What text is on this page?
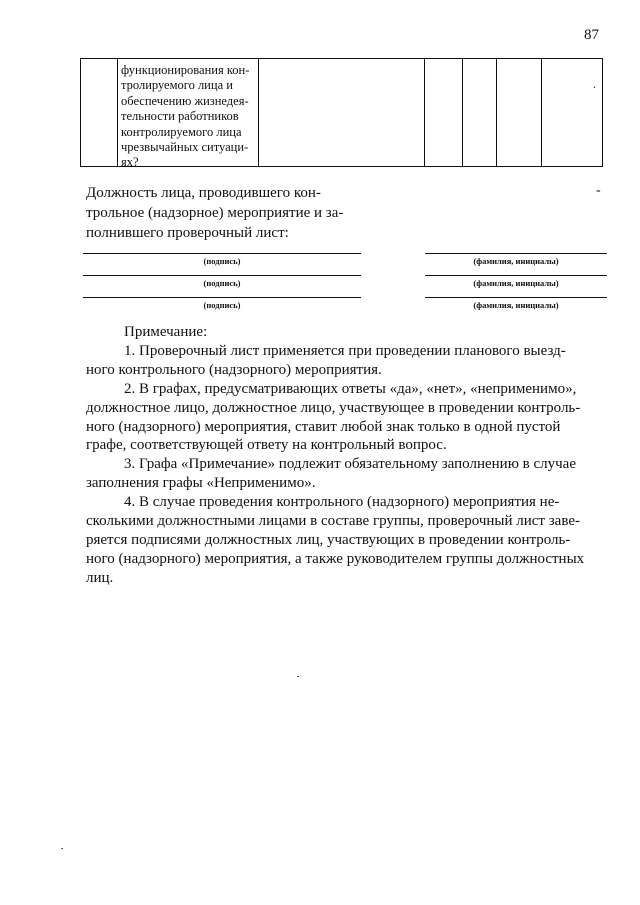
87
функционирования кон-
тролируемого лица и
обеспечению жизнедея-
тельности работников
контролируемого лица
чрезвычайных ситуаци-
ях?
.
Должность лица, проводившего кон-
трольное (надзорное) мероприятие и за-
полнившего проверочный лист:
-
(подпись)	(фамилия, инициалы)
(подпись)	(фамилия, инициалы)
(подпись)	(фамилия, инициалы)
Примечание:

1. Проверочный лист применяется при проведении планового выезд-
ного контрольного (надзорного) мероприятия.

2. В графах, предусматривающих ответы «да», «нет», «неприменимо»,
должностное лицо, должностное лицо, участвующее в проведении контроль-
ного (надзорного) мероприятия, ставит любой знак только в одной пустой
графе, соответствующей ответу на контрольный вопрос.

3. Графа «Примечание» подлежит обязательному заполнению в случае
заполнения графы «Неприменимо».

4. В случае проведения контрольного (надзорного) мероприятия не-
сколькими должностными лицами в составе группы, проверочный лист заве-
ряется подписями должностных лиц, участвующих в проведении контроль-
ного (надзорного) мероприятия, а также руководителем группы должностных
лиц.
